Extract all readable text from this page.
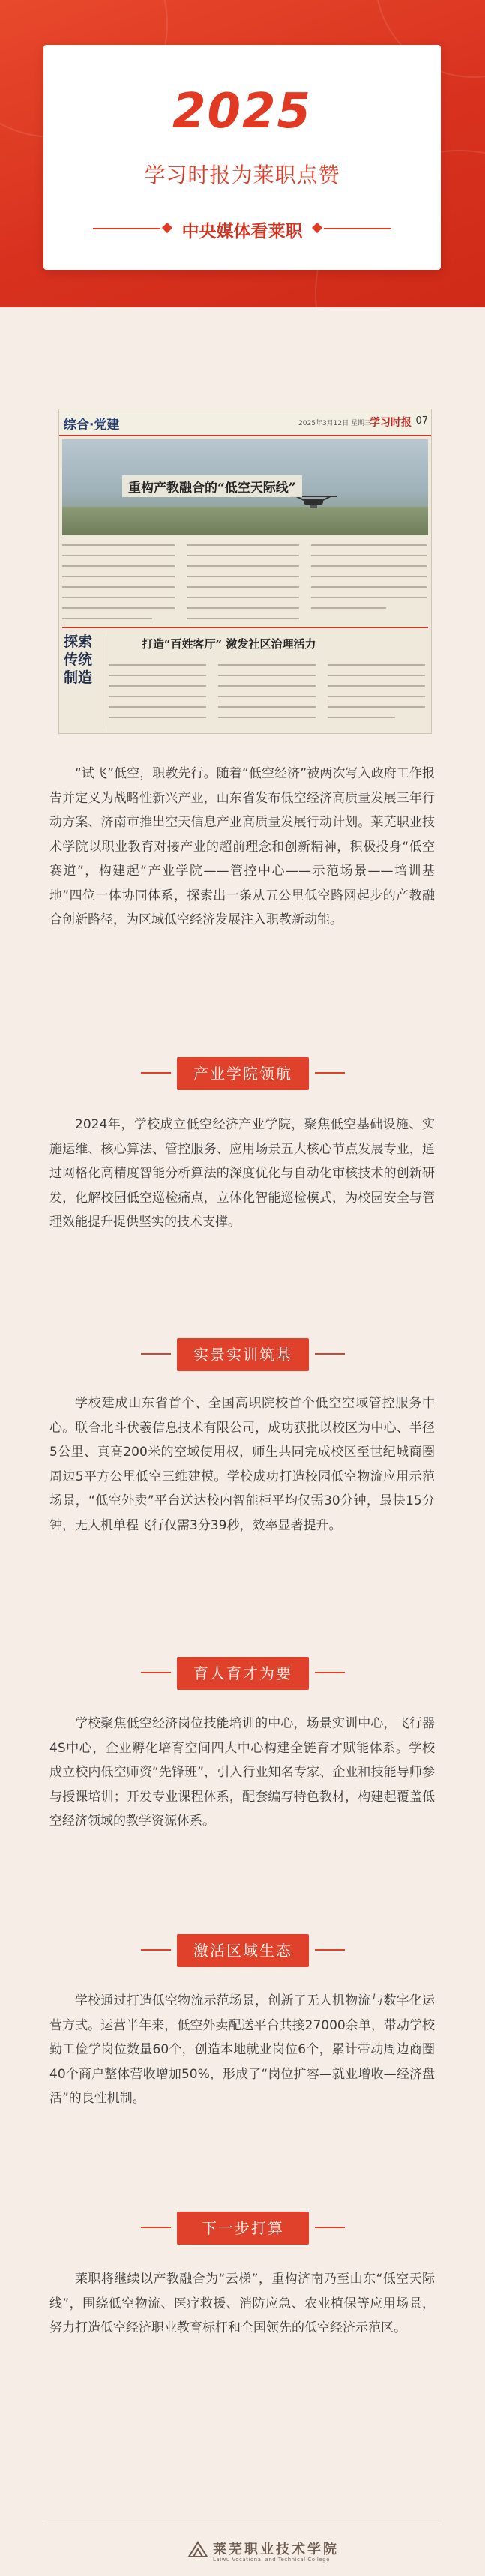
2025
学习时报为莱职点赞
中央媒体看莱职
综合·党建	2025年3月12日 星期三
学习时报 07
重构产教融合的“低空天际线”
探索
传统
制造
打造“百姓客厅” 激发社区治理活力

“试飞”低空，职教先行。随着“低空经济”被两次写入政府工作报告并定义为战略性新兴产业，山东省发布低空经济高质量发展三年行动方案、济南市推出空天信息产业高质量发展行动计划。莱芜职业技术学院以职业教育对接产业的超前理念和创新精神，积极投身“低空赛道”，构建起“产业学院——管控中心——示范场景——培训基地”四位一体协同体系，探索出一条从五公里低空路网起步的产教融合创新路径，为区域低空经济发展注入职教新动能。

产业学院领航

2024年，学校成立低空经济产业学院，聚焦低空基础设施、实施运维、核心算法、管控服务、应用场景五大核心节点发展专业，通过网格化高精度智能分析算法的深度优化与自动化审核技术的创新研发，化解校园低空巡检痛点，立体化智能巡检模式，为校园安全与管理效能提升提供坚实的技术支撑。

实景实训筑基

学校建成山东省首个、全国高职院校首个低空空域管控服务中心。联合北斗伏羲信息技术有限公司，成功获批以校区为中心、半径5公里、真高200米的空域使用权，师生共同完成校区至世纪城商圈周边5平方公里低空三维建模。学校成功打造校园低空物流应用示范场景，“低空外卖”平台送达校内智能柜平均仅需30分钟，最快15分钟，无人机单程飞行仅需3分39秒，效率显著提升。

育人育才为要

学校聚焦低空经济岗位技能培训的中心，场景实训中心，飞行器4S中心，企业孵化培育空间四大中心构建全链育才赋能体系。学校成立校内低空师资“先锋班”，引入行业知名专家、企业和技能导师参与授课培训；开发专业课程体系，配套编写特色教材，构建起覆盖低空经济领域的教学资源体系。

激活区域生态

学校通过打造低空物流示范场景，创新了无人机物流与数字化运营方式。运营半年来，低空外卖配送平台共接27000余单，带动学校勤工俭学岗位数量60个，创造本地就业岗位6个，累计带动周边商圈40个商户整体营收增加50%，形成了“岗位扩容—就业增收—经济盘活”的良性机制。

下一步打算

莱职将继续以产教融合为“云梯”，重构济南乃至山东“低空天际线”，围绕低空物流、医疗救援、消防应急、农业植保等应用场景，努力打造低空经济职业教育标杆和全国领先的低空经济示范区。

莱芜职业技术学院
Laiwu Vocational and Technical College
